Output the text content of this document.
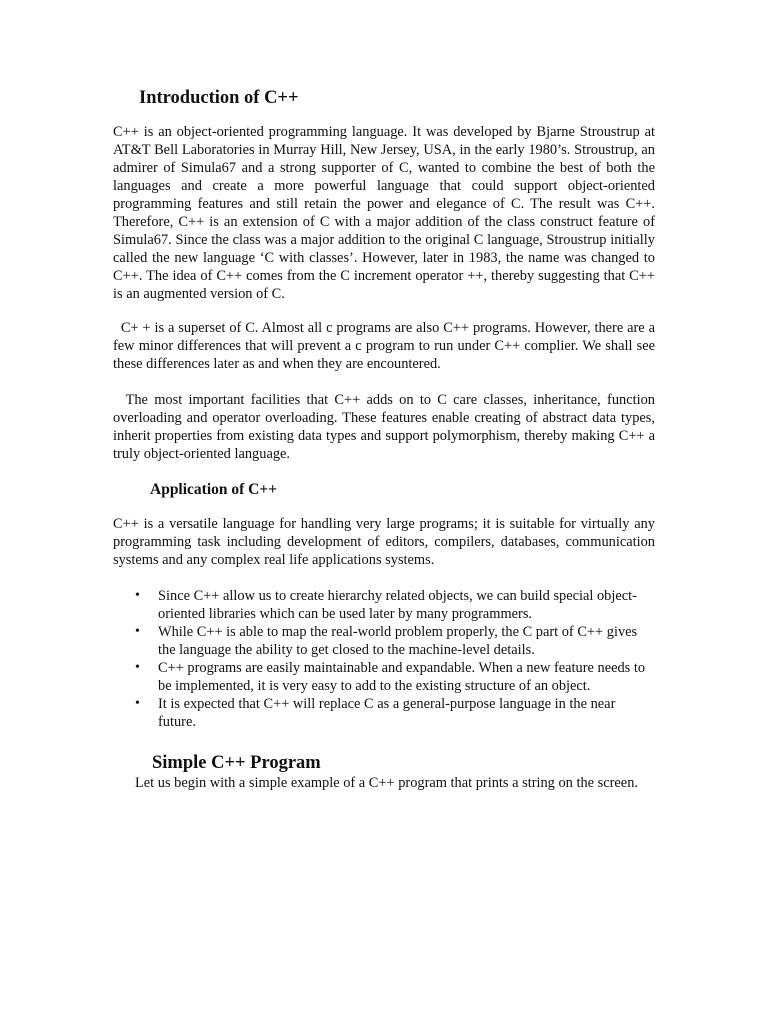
Introduction of C++

C++ is an object-oriented programming language. It was developed by Bjarne Stroustrup at AT&T Bell Laboratories in Murray Hill, New Jersey, USA, in the early 1980’s. Stroustrup, an admirer of Simula67 and a strong supporter of C, wanted to combine the best of both the languages and create a more powerful language that could support object-oriented programming features and still retain the power and elegance of C. The result was C++. Therefore, C++ is an extension of C with a major addition of the class construct feature of Simula67. Since the class was a major addition to the original C language, Stroustrup initially called the new language ‘C with classes’. However, later in 1983, the name was changed to C++. The idea of C++ comes from the C increment operator ++, thereby suggesting that C++ is an augmented version of C.

C+ + is a superset of C. Almost all c programs are also C++ programs. However, there are a few minor differences that will prevent a c program to run under C++ complier. We shall see these differences later as and when they are encountered.

The most important facilities that C++ adds on to C care classes, inheritance, function overloading and operator overloading. These features enable creating of abstract data types, inherit properties from existing data types and support polymorphism, thereby making C++ a truly object-oriented language.

Application of C++

C++ is a versatile language for handling very large programs; it is suitable for virtually any programming task including development of editors, compilers, databases, communication systems and any complex real life applications systems.

• Since C++ allow us to create hierarchy related objects, we can build special object-oriented libraries which can be used later by many programmers.
• While C++ is able to map the real-world problem properly, the C part of C++ gives the language the ability to get closed to the machine-level details.
• C++ programs are easily maintainable and expandable. When a new feature needs to be implemented, it is very easy to add to the existing structure of an object.
• It is expected that C++ will replace C as a general-purpose language in the near future.
Simple C++ Program

Let us begin with a simple example of a C++ program that prints a string on the screen.
